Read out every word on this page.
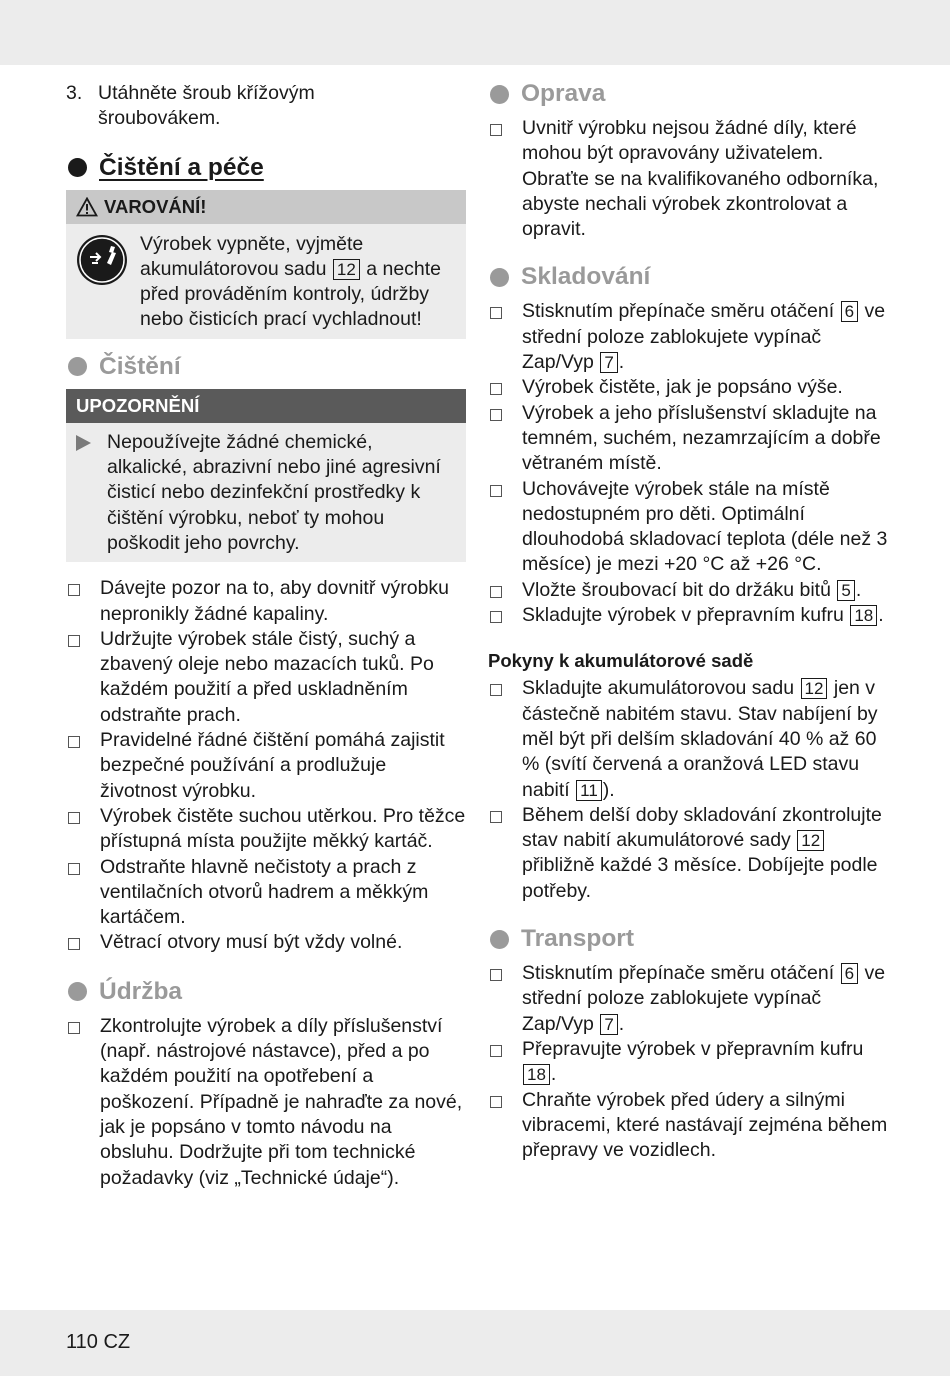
3. Utáhněte šroub křížovým šroubovákem.
Čištění a péče
VAROVÁNÍ!

Výrobek vypněte, vyjměte akumulátorovou sadu 12 a nechte před prováděním kontroly, údržby nebo čisticích prací vychladnout!

Čištění
UPOZORNĚNÍ

Nepoužívejte žádné chemické, alkalické, abrazivní nebo jiné agresivní čisticí nebo dezinfekční prostředky k čištění výrobku, neboť ty mohou poškodit jeho povrchy.

Dávejte pozor na to, aby dovnitř výrobku nepronikly žádné kapaliny.
Udržujte výrobek stále čistý, suchý a zbavený oleje nebo mazacích tuků. Po každém použití a před uskladněním odstraňte prach.
Pravidelné řádné čištění pomáhá zajistit bezpečné používání a prodlužuje životnost výrobku.
Výrobek čistěte suchou utěrkou. Pro těžce přístupná místa použijte měkký kartáč.
Odstraňte hlavně nečistoty a prach z ventilačních otvorů hadrem a měkkým kartáčem.
Větrací otvory musí být vždy volné.
Údržba
Zkontrolujte výrobek a díly příslušenství (např. nástrojové nástavce), před a po každém použití na opotřebení a poškození. Případně je nahraďte za nové, jak je popsáno v tomto návodu na obsluhu. Dodržujte při tom technické požadavky (viz „Technické údaje“).
Oprava
Uvnitř výrobku nejsou žádné díly, které mohou být opravovány uživatelem. Obraťte se na kvalifikovaného odborníka, abyste nechali výrobek zkontrolovat a opravit.
Skladování
Stisknutím přepínače směru otáčení 6 ve střední poloze zablokujete vypínač Zap/Vyp 7 .
Výrobek čistěte, jak je popsáno výše.
Výrobek a jeho příslušenství skladujte na temném, suchém, nezamrzajícím a dobře větraném místě.
Uchovávejte výrobek stále na místě nedostupném pro děti. Optimální dlouhodobá skladovací teplota (déle než 3 měsíce) je mezi +20 °C až +26 °C.
Vložte šroubovací bit do držáku bitů 5 .
Skladujte výrobek v přepravním kufru 18 .

Pokyny k akumulátorové sadě

Skladujte akumulátorovou sadu 12 jen v částečně nabitém stavu. Stav nabíjení by měl být při delším skladování 40 % až 60 % (svítí červená a oranžová LED stavu nabití 11 ).
Během delší doby skladování zkontrolujte stav nabití akumulátorové sady 12 přibližně každé 3 měsíce. Dobíjejte podle potřeby.
Transport
Stisknutím přepínače směru otáčení 6 ve střední poloze zablokujete vypínač Zap/Vyp 7 .
Přepravujte výrobek v přepravním kufru 18 .
Chraňte výrobek před údery a silnými vibracemi, které nastávají zejména během přepravy ve vozidlech.
110 CZ
